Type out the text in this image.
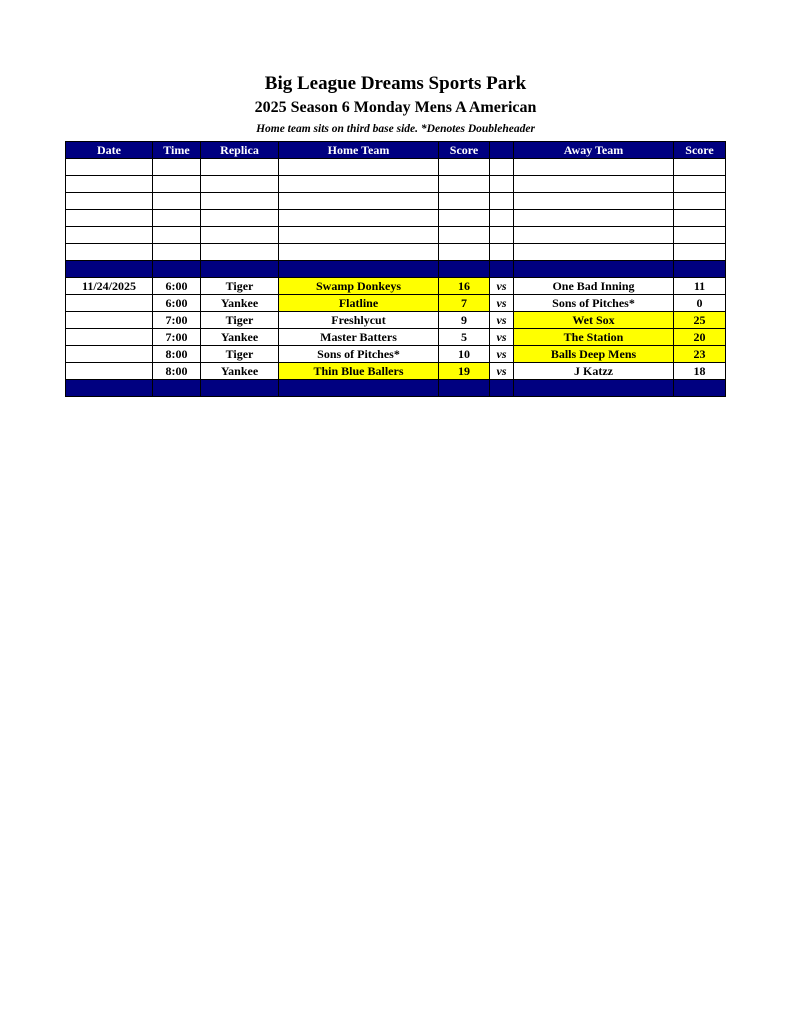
Big League Dreams Sports Park
2025 Season 6 Monday Mens A American
Home team sits on third base side. *Denotes Doubleheader
Date	Time	Replica	Home Team	Score		Away Team	Score

11/24/2025	6:00	Tiger	Swamp Donkeys	16	vs	One Bad Inning	11
	6:00	Yankee	Flatline	7	vs	Sons of Pitches*	0
	7:00	Tiger	Freshlycut	9	vs	Wet Sox	25
	7:00	Yankee	Master Batters	5	vs	The Station	20
	8:00	Tiger	Sons of Pitches*	10	vs	Balls Deep Mens	23
	8:00	Yankee	Thin Blue Ballers	19	vs	J Katzz	18
